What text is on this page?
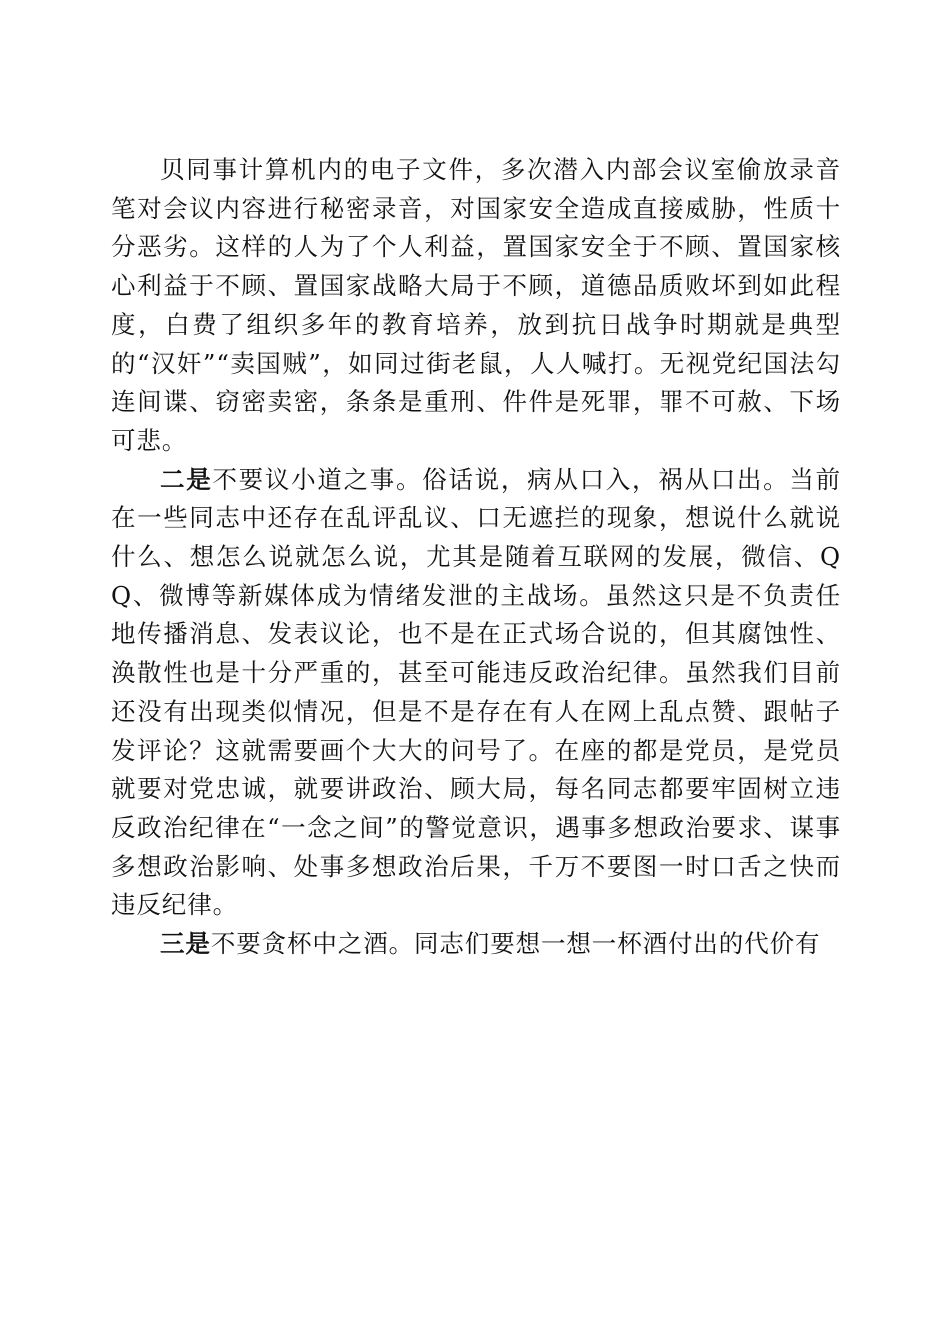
贝同事计算机内的电子文件，多次潜入内部会议室偷放录音笔对会议内容进行秘密录音，对国家安全造成直接威胁，性质十分恶劣。这样的人为了个人利益，置国家安全于不顾、置国家核心利益于不顾、置国家战略大局于不顾，道德品质败坏到如此程度，白费了组织多年的教育培养，放到抗日战争时期就是典型的“汉奸”“卖国贼”，如同过街老鼠，人人喊打。无视党纪国法勾连间谍、窃密卖密，条条是重刑、件件是死罪，罪不可赦、下场可悲。

二是不要议小道之事。俗话说，病从口入，祸从口出。当前在一些同志中还存在乱评乱议、口无遮拦的现象，想说什么就说什么、想怎么说就怎么说，尤其是随着互联网的发展，微信、QQ、微博等新媒体成为情绪发泄的主战场。虽然这只是不负责任地传播消息、发表议论，也不是在正式场合说的，但其腐蚀性、涣散性也是十分严重的，甚至可能违反政治纪律。虽然我们目前还没有出现类似情况，但是不是存在有人在网上乱点赞、跟帖子发评论？这就需要画个大大的问号了。在座的都是党员，是党员就要对党忠诚，就要讲政治、顾大局，每名同志都要牢固树立违反政治纪律在“一念之间”的警觉意识，遇事多想政治要求、谋事多想政治影响、处事多想政治后果，千万不要图一时口舌之快而违反纪律。

三是不要贪杯中之酒。同志们要想一想一杯酒付出的代价有
